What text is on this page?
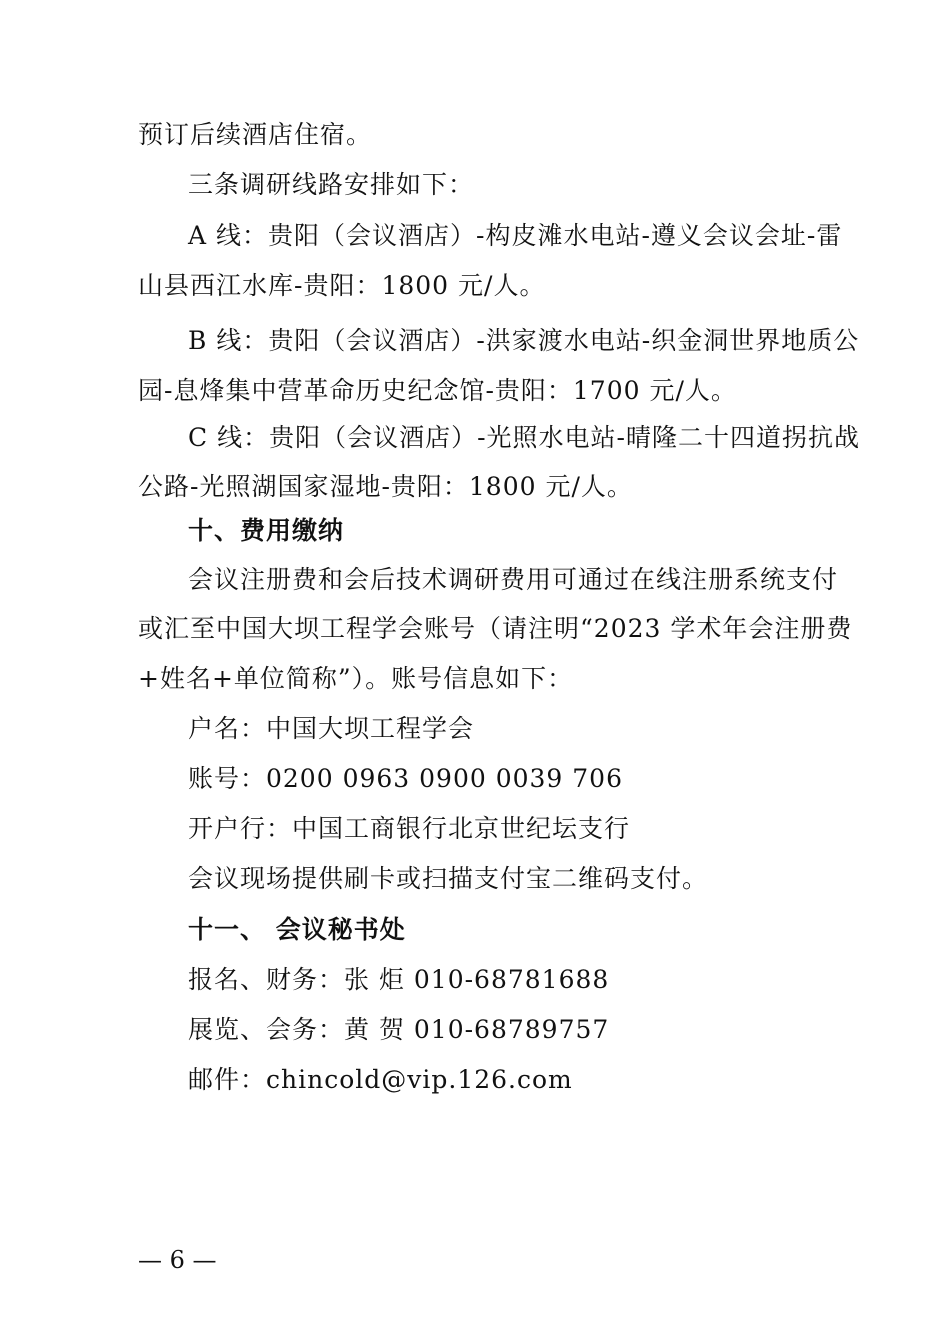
预订后续酒店住宿。
三条调研线路安排如下：
A 线：贵阳（会议酒店）-构皮滩水电站-遵义会议会址-雷
山县西江水库-贵阳：1800 元/人。
B 线：贵阳（会议酒店）-洪家渡水电站-织金洞世界地质公
园-息烽集中营革命历史纪念馆-贵阳：1700 元/人。
C 线：贵阳（会议酒店）-光照水电站-晴隆二十四道拐抗战
公路-光照湖国家湿地-贵阳：1800 元/人。
十、费用缴纳
会议注册费和会后技术调研费用可通过在线注册系统支付
或汇至中国大坝工程学会账号（请注明“2023 学术年会注册费
+姓名+单位简称”）。账号信息如下：
户名：中国大坝工程学会
账号：0200 0963 0900 0039 706
开户行：中国工商银行北京世纪坛支行
会议现场提供刷卡或扫描支付宝二维码支付。
十一、 会议秘书处
报名、财务：张 炬 010-68781688
展览、会务：黄 贺 010-68789757
邮件：chincold@vip.126.com
— 6 —
